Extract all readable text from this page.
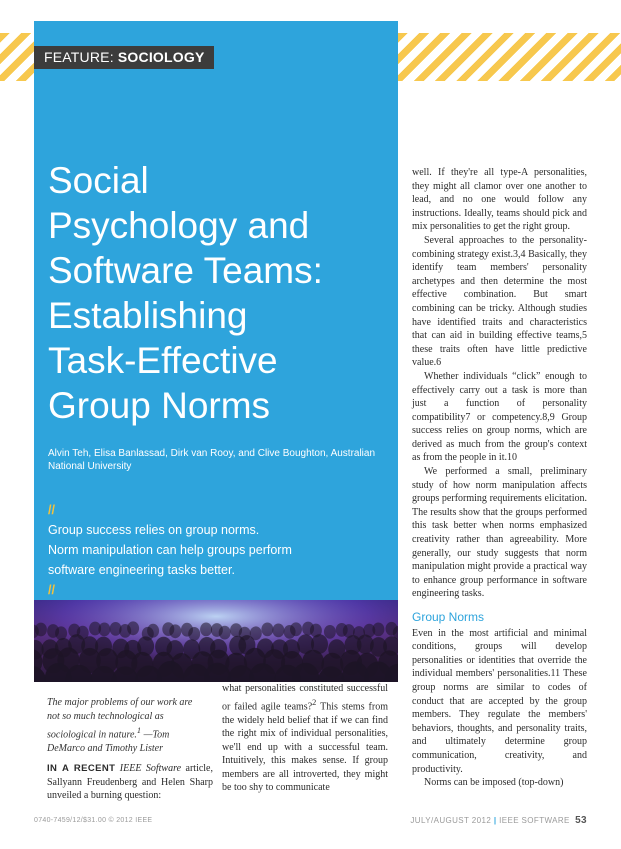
FEATURE: SOCIOLOGY
Social
Psychology and
Software Teams:
Establishing
Task-Effective
Group Norms
Alvin Teh, Elisa Banlassad, Dirk van Rooy, and Clive Boughton, Australian National University
//
Group success relies on group norms.
Norm manipulation can help groups perform
software engineering tasks better.
//
The major problems of our work are not so much technological as sociological in nature.$^1$ —Tom DeMarco and Timothy Lister
IN A RECENT IEEE Software article, Sallyann Freudenberg and Helen Sharp unveiled a burning question:
what personalities constituted successful or failed agile teams?$^2$ This stems from the widely held belief that if we can find the right mix of individual personalities, we'll end up with a successful team. Intuitively, this makes sense. If group members are all introverted, they might be too shy to communicate

well. If they're all type-A personalities, they might all clamor over one another to lead, and no one would follow any instructions. Ideally, teams should pick and mix personalities to get the right group.

Several approaches to the personality-combining strategy exist.3,4 Basically, they identify team members' personality archetypes and then determine the most effective combination. But smart combining can be tricky. Although studies have identified traits and characteristics that can aid in building effective teams,5 these traits often have little predictive value.6

Whether individuals “click” enough to effectively carry out a task is more than just a function of personality compatibility7 or competency.8,9 Group success relies on group norms, which are derived as much from the group's context as from the people in it.10

We performed a small, preliminary study of how norm manipulation affects groups performing requirements elicitation. The results show that the groups performed this task better when norms emphasized creativity rather than agreeability. More generally, our study suggests that norm manipulation might provide a practical way to enhance group performance in software engineering tasks.

Group Norms

Even in the most artificial and minimal conditions, groups will develop personalities or identities that override the individual members' personalities.11 These group norms are similar to codes of conduct that are accepted by the group members. They regulate the members' behaviors, thoughts, and personality traits, and ultimately determine group communication, creativity, and productivity.

Norms can be imposed (top-down)

0740-7459/12/$31.00 © 2012 IEEE	JULY/AUGUST 2012 | IEEE SOFTWARE 53
